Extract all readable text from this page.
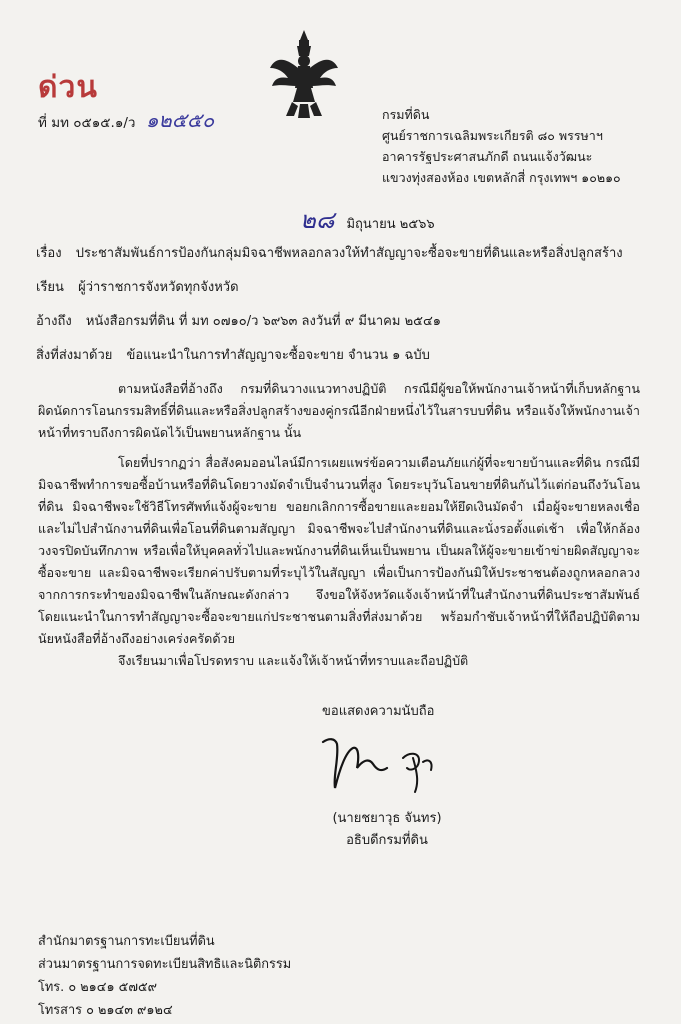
ด่วน
ที่ มท ๐๕๑๕.๑/ว ๑๒๕๕๐	กรมที่ดิน
ศูนย์ราชการเฉลิมพระเกียรติ ๘๐ พรรษาฯ
อาคารรัฐประศาสนภักดี ถนนแจ้งวัฒนะ
แขวงทุ่งสองห้อง เขตหลักสี่ กรุงเทพฯ ๑๐๒๑๐
๒๘ มิถุนายน ๒๕๖๖
เรื่อง ประชาสัมพันธ์การป้องกันกลุ่มมิจฉาชีพหลอกลวงให้ทำสัญญาจะซื้อจะขายที่ดินและหรือสิ่งปลูกสร้าง
เรียน ผู้ว่าราชการจังหวัดทุกจังหวัด
อ้างถึง หนังสือกรมที่ดิน ที่ มท ๐๗๑๐/ว ๖๙๖๓ ลงวันที่ ๙ มีนาคม ๒๕๔๑
สิ่งที่ส่งมาด้วย ข้อแนะนำในการทำสัญญาจะซื้อจะขาย จำนวน ๑ ฉบับ
ตามหนังสือที่อ้างถึง กรมที่ดินวางแนวทางปฏิบัติ กรณีมีผู้ขอให้พนักงานเจ้าหน้าที่เก็บหลักฐานผิดนัดการโอนกรรมสิทธิ์ที่ดินและหรือสิ่งปลูกสร้างของคู่กรณีอีกฝ่ายหนึ่งไว้ในสารบบที่ดิน หรือแจ้งให้พนักงานเจ้าหน้าที่ทราบถึงการผิดนัดไว้เป็นพยานหลักฐาน นั้น
โดยที่ปรากฏว่า สื่อสังคมออนไลน์มีการเผยแพร่ข้อความเตือนภัยแก่ผู้ที่จะขายบ้านและที่ดิน กรณีมีมิจฉาชีพทำการขอซื้อบ้านหรือที่ดินโดยวางมัดจำเป็นจำนวนที่สูง โดยระบุวันโอนขายที่ดินกันไว้แต่ก่อนถึงวันโอนที่ดิน มิจฉาชีพจะใช้วิธีโทรศัพท์แจ้งผู้จะขาย ขอยกเลิกการซื้อขายและยอมให้ยึดเงินมัดจำ เมื่อผู้จะขายหลงเชื่อและไม่ไปสำนักงานที่ดินเพื่อโอนที่ดินตามสัญญา มิจฉาชีพจะไปสำนักงานที่ดินและนั่งรอตั้งแต่เช้า เพื่อให้กล้องวงจรปิดบันทึกภาพ หรือเพื่อให้บุคคลทั่วไปและพนักงานที่ดินเห็นเป็นพยาน เป็นผลให้ผู้จะขายเข้าข่ายผิดสัญญาจะซื้อจะขาย และมิจฉาชีพจะเรียกค่าปรับตามที่ระบุไว้ในสัญญา เพื่อเป็นการป้องกันมิให้ประชาชนต้องถูกหลอกลวงจากการกระทำของมิจฉาชีพในลักษณะดังกล่าว จึงขอให้จังหวัดแจ้งเจ้าหน้าที่ในสำนักงานที่ดินประชาสัมพันธ์ โดยแนะนำในการทำสัญญาจะซื้อจะขายแก่ประชาชนตามสิ่งที่ส่งมาด้วย พร้อมกำชับเจ้าหน้าที่ให้ถือปฏิบัติตามนัยหนังสือที่อ้างถึงอย่างเคร่งครัดด้วย
จึงเรียนมาเพื่อโปรดทราบ และแจ้งให้เจ้าหน้าที่ทราบและถือปฏิบัติ
ขอแสดงความนับถือ
(นายชยาวุธ จันทร)
อธิบดีกรมที่ดิน
สำนักมาตรฐานการทะเบียนที่ดิน
ส่วนมาตรฐานการจดทะเบียนสิทธิและนิติกรรม
โทร. ๐ ๒๑๔๑ ๕๗๕๙
โทรสาร ๐ ๒๑๔๓ ๙๑๒๔
